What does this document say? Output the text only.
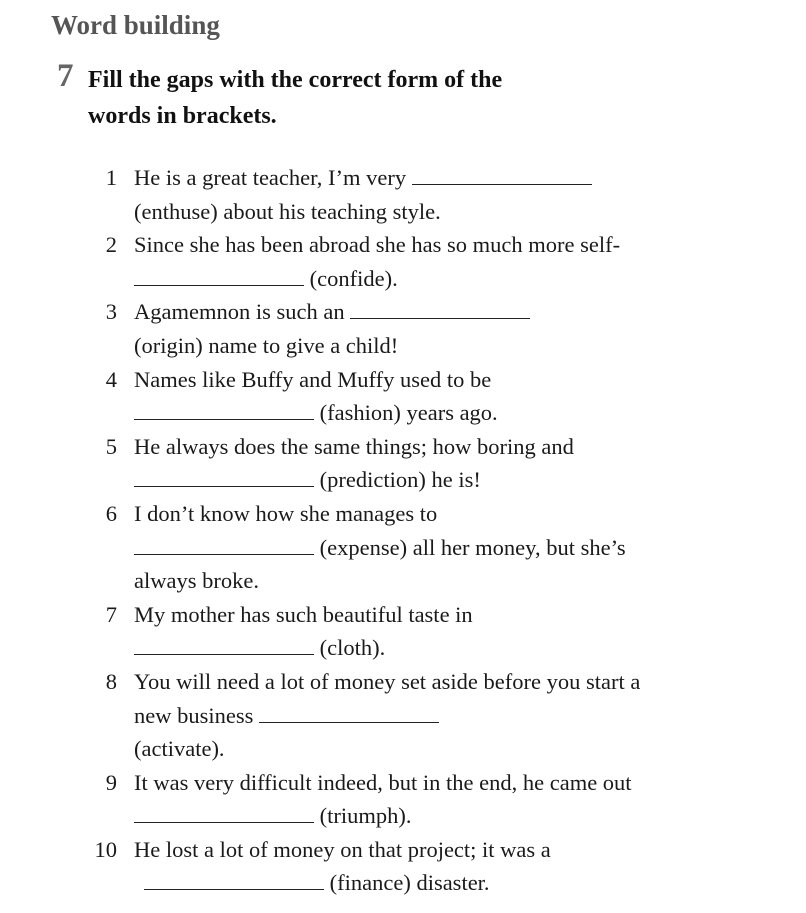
Word building
7 Fill the gaps with the correct form of the
words in brackets.

1 He is a great teacher, I’m very
(enthuse) about his teaching style.
2 Since she has been abroad she has so much more self- (confide).
3 Agamemnon is such an
(origin) name to give a child!
4 Names like Buffy and Muffy used to be
(fashion) years ago.
5 He always does the same things; how boring and  (prediction) he is!
6 I don’t know how she manages to
(expense) all her money, but she’s always broke.
7 My mother has such beautiful taste in
(cloth).
8 You will need a lot of money set aside before you start a new business
(activate).
9 It was very difficult indeed, but in the end, he came out  (triumph).
10 He lost a lot of money on that project; it was a
(finance) disaster.
